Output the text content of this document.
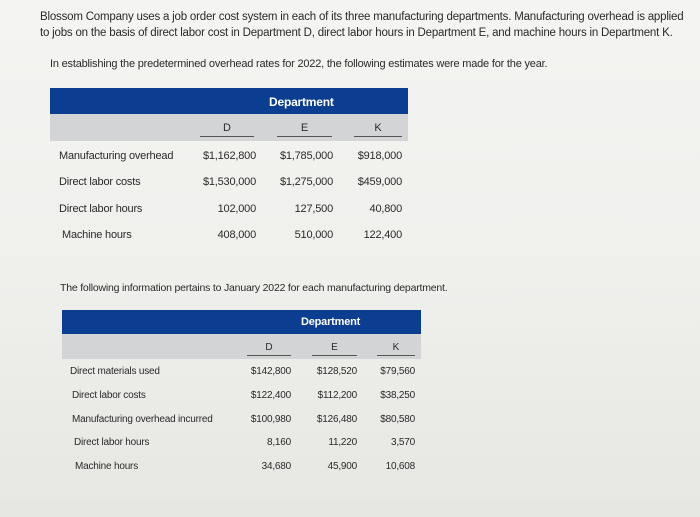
Blossom Company uses a job order cost system in each of its three manufacturing departments. Manufacturing overhead is applied to jobs on the basis of direct labor cost in Department D, direct labor hours in Department E, and machine hours in Department K.

In establishing the predetermined overhead rates for 2022, the following estimates were made for the year.

Department
D	E	K
Manufacturing overhead	$1,162,800	$1,785,000	$918,000
Direct labor costs	$1,530,000	$1,275,000	$459,000
Direct labor hours	102,000	127,500	40,800
Machine hours	408,000	510,000	122,400

The following information pertains to January 2022 for each manufacturing department.

Department
D	E	K
Direct materials used	$142,800	$128,520	$79,560
Direct labor costs	$122,400	$112,200	$38,250
Manufacturing overhead incurred	$100,980	$126,480	$80,580
Direct labor hours	8,160	11,220	3,570
Machine hours	34,680	45,900	10,608
